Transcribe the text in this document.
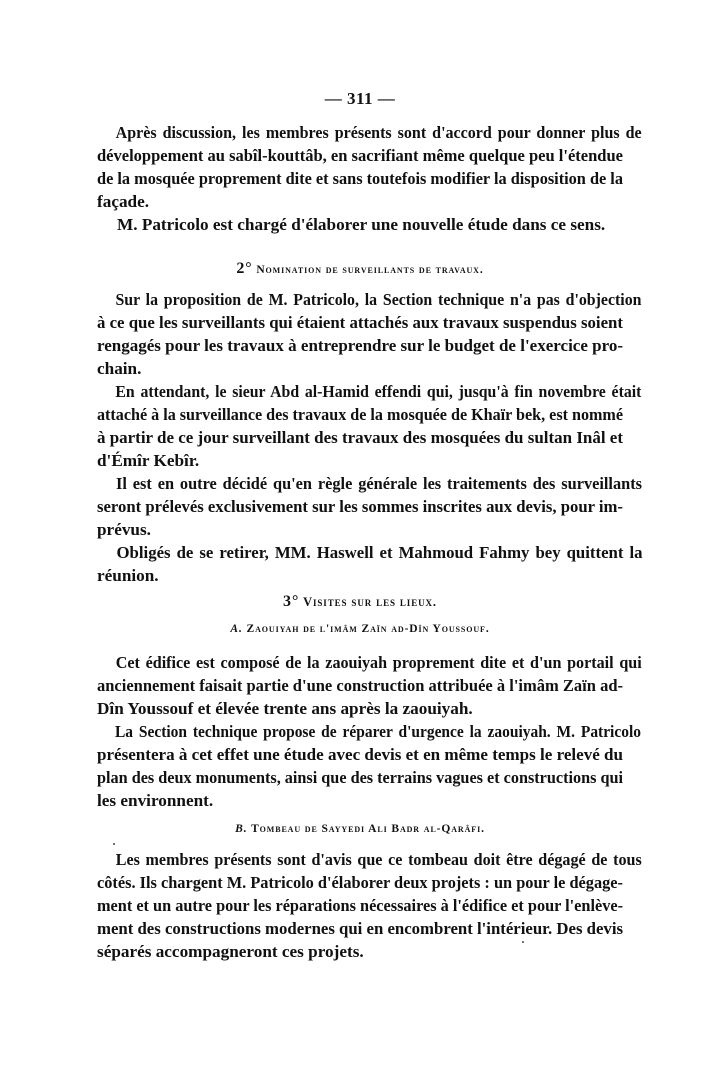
— 311 —
Après discussion, les membres présents sont d'accord pour donner plus de
développement au sabîl-kouttâb, en sacrifiant même quelque peu l'étendue
de la mosquée proprement dite et sans toutefois modifier la disposition de la
façade.
M. Patricolo est chargé d'élaborer une nouvelle étude dans ce sens.
2° Nomination de surveillants de travaux.
Sur la proposition de M. Patricolo, la Section technique n'a pas d'objection
à ce que les surveillants qui étaient attachés aux travaux suspendus soient
rengagés pour les travaux à entreprendre sur le budget de l'exercice pro-
chain.
En attendant, le sieur Abd al-Hamid effendi qui, jusqu'à fin novembre était
attaché à la surveillance des travaux de la mosquée de Khaïr bek, est nommé
à partir de ce jour surveillant des travaux des mosquées du sultan Inâl et
d'Émîr Kebîr.
Il est en outre décidé qu'en règle générale les traitements des surveillants
seront prélevés exclusivement sur les sommes inscrites aux devis, pour im-
prévus.
Obligés de se retirer, MM. Haswell et Mahmoud Fahmy bey quittent la
réunion.
3° Visites sur les lieux.
A. Zaouiyah de l'imâm Zaïn ad-Dîn Youssouf.
Cet édifice est composé de la zaouiyah proprement dite et d'un portail qui
anciennement faisait partie d'une construction attribuée à l'imâm Zaïn ad-
Dîn Youssouf et élevée trente ans après la zaouiyah.
La Section technique propose de réparer d'urgence la zaouiyah. M. Patricolo
présentera à cet effet une étude avec devis et en même temps le relevé du
plan des deux monuments, ainsi que des terrains vagues et constructions qui
les environnent.
B. Tombeau de Sayyedi Ali Badr al-Qarâfi.
Les membres présents sont d'avis que ce tombeau doit être dégagé de tous
côtés. Ils chargent M. Patricolo d'élaborer deux projets : un pour le dégage-
ment et un autre pour les réparations nécessaires à l'édifice et pour l'enlève-
ment des constructions modernes qui en encombrent l'intérieur. Des devis
séparés accompagneront ces projets.
